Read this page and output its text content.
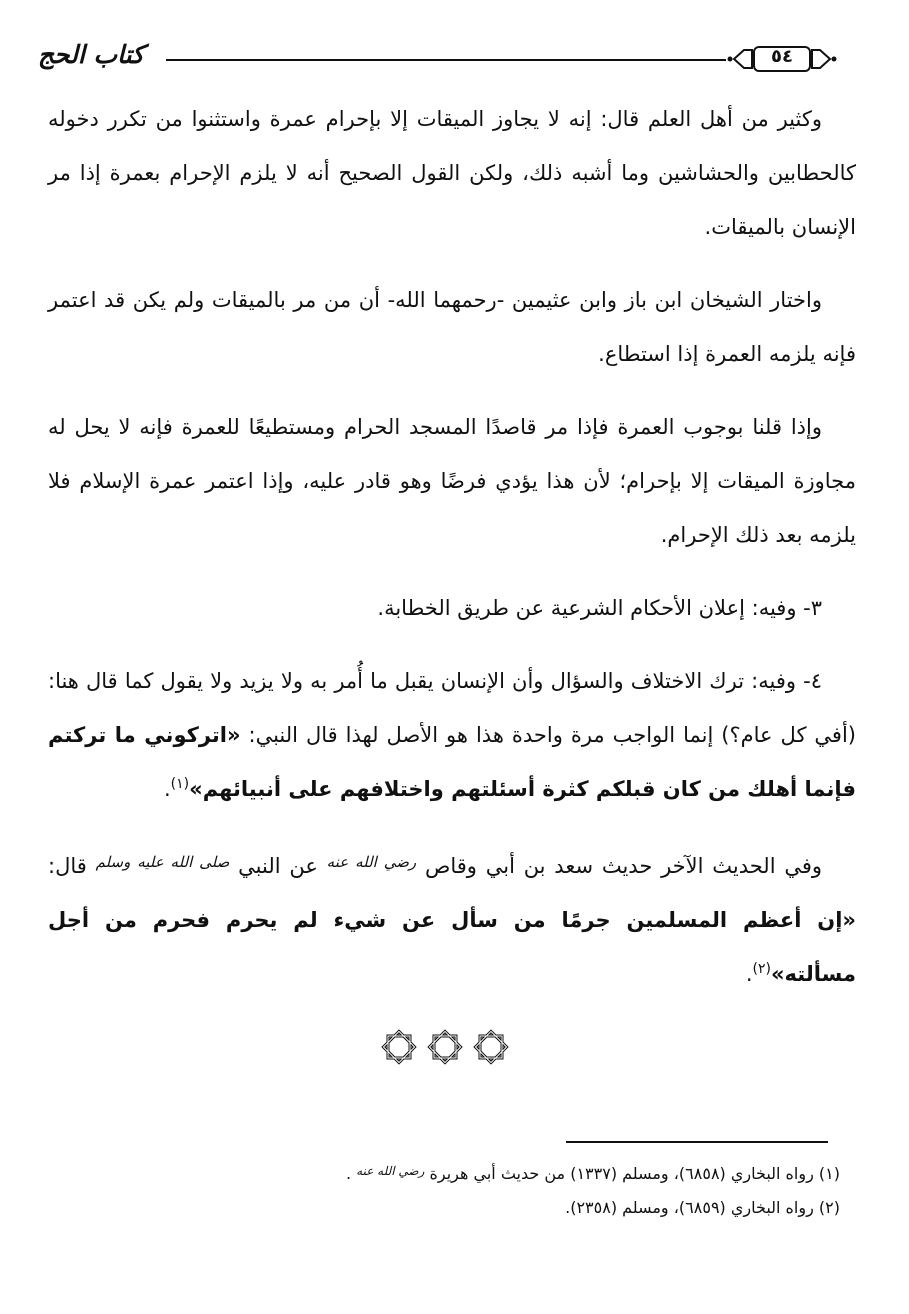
كتاب الحج	٥٤

وكثير من أهل العلم قال: إنه لا يجاوز الميقات إلا بإحرام عمرة واستثنوا من تكرر دخوله كالحطابين والحشاشين وما أشبه ذلك، ولكن القول الصحيح أنه لا يلزم الإحرام بعمرة إذا مر الإنسان بالميقات.

واختار الشيخان ابن باز وابن عثيمين -رحمهما الله- أن من مر بالميقات ولم يكن قد اعتمر فإنه يلزمه العمرة إذا استطاع.

وإذا قلنا بوجوب العمرة فإذا مر قاصدًا المسجد الحرام ومستطيعًا للعمرة فإنه لا يحل له مجاوزة الميقات إلا بإحرام؛ لأن هذا يؤدي فرضًا وهو قادر عليه، وإذا اعتمر عمرة الإسلام فلا يلزمه بعد ذلك الإحرام.

٣- وفيه: إعلان الأحكام الشرعية عن طريق الخطابة.

٤- وفيه: ترك الاختلاف والسؤال وأن الإنسان يقبل ما أُمر به ولا يزيد ولا يقول كما قال هنا: (أفي كل عام؟) إنما الواجب مرة واحدة هذا هو الأصل لهذا قال النبي: «اتركوني ما تركتم فإنما أهلك من كان قبلكم كثرة أسئلتهم واختلافهم على أنبيائهم»$^{(١)}$.

وفي الحديث الآخر حديث سعد بن أبي وقاص $^{رضي الله عنه}$ عن النبي $^{صلى الله عليه وسلم}$ قال: «إن أعظم المسلمين جرمًا من سأل عن شيء لم يحرم فحرم من أجل مسألته»$^{(٢)}$.

(١) رواه البخاري (٦٨٥٨)، ومسلم (١٣٣٧) من حديث أبي هريرة $^{رضي الله عنه}$ .

(٢) رواه البخاري (٦٨٥٩)، ومسلم (٢٣٥٨).
